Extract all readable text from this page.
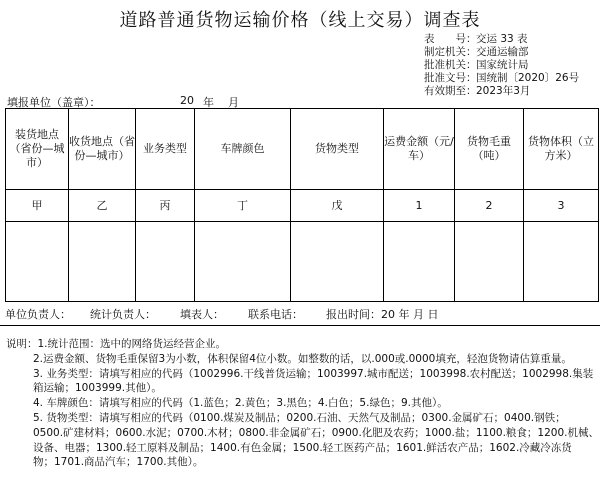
道路普通货物运输价格（线上交易）调查表
表　　号：交运 33 表
制定机关：交通运输部
批准机关：国家统计局
批准文号：国统制〔2020〕26号
有效期至：2023年3月
填报单位（盖章）：	20 年 月
装货地点（省份—城市）	收货地点（省份—城市）	业务类型	车牌颜色	货物类型	运费金额（元/车）	货物毛重（吨）	货物体积（立方米）
甲	乙	丙	丁	戊	1	2	3

单位负责人： 统计负责人： 填表人： 联系电话： 报出时间：20 年 月 日
说明：1.统计范围：选中的网络货运经营企业。
2.运费金额、货物毛重保留3为小数，体积保留4位小数。如整数的话，以.000或.0000填充，轻泡货物请估算重量。
3. 业务类型：请填写相应的代码（1002996.干线普货运输；1003997.城市配送；1003998.农村配送；1002998.集装
箱运输；1003999.其他）。
4. 车牌颜色：请填写相应的代码（1.蓝色；2.黄色；3.黑色；4.白色；5.绿色；9.其他）。
5. 货物类型：请填写相应的代码（0100.煤炭及制品；0200.石油、天然气及制品；0300.金属矿石；0400.钢铁；
0500.矿建材料；0600.水泥；0700.木材；0800.非金属矿石；0900.化肥及农药；1000.盐；1100.粮食；1200.机械、
设备、电器；1300.轻工原料及制品；1400.有色金属；1500.轻工医药产品；1601.鲜活农产品；1602.冷藏冷冻货
物；1701.商品汽车；1700.其他）。
